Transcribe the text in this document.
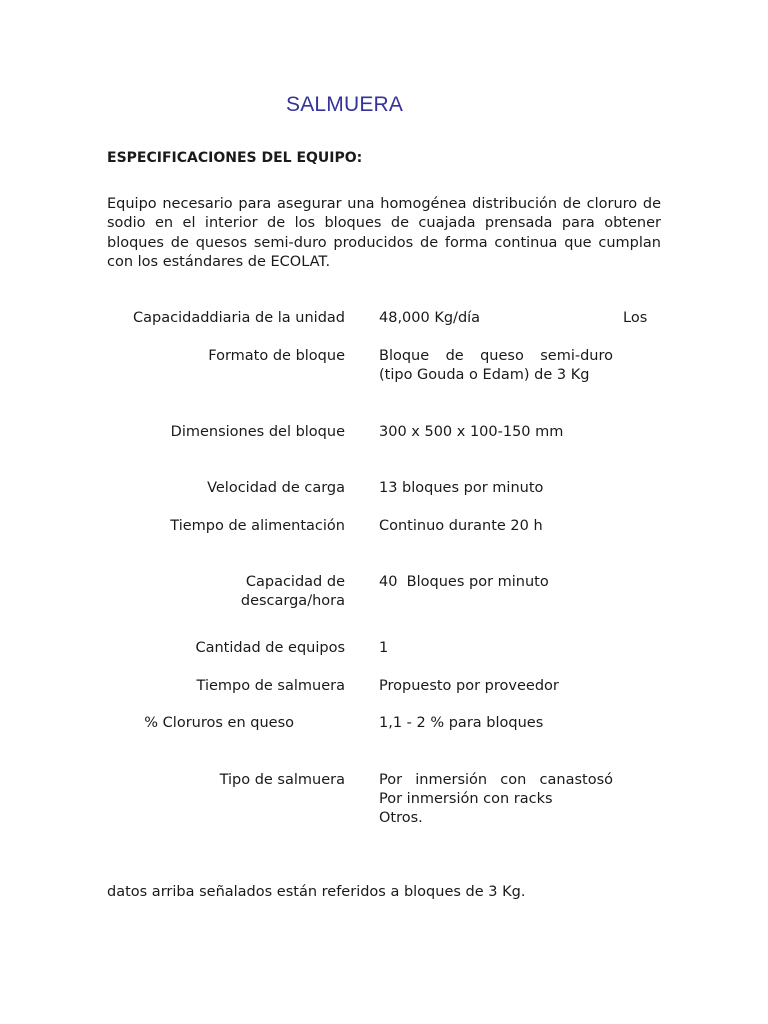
SALMUERA
ESPECIFICACIONES DEL EQUIPO:
Equipo necesario para asegurar una homogénea distribución de cloruro de sodio en el interior de los bloques de cuajada prensada para obtener bloques de quesos semi-duro producidos de forma continua que cumplan con los estándares de ECOLAT.
Capacidaddiaria de la unidad 48,000 Kg/día	Los
Formato de bloque Bloque de queso semi-duro
(tipo Gouda o Edam) de 3 Kg
Dimensiones del bloque 300 x 500 x 100-150 mm
Velocidad de carga 13 bloques por minuto
Tiempo de alimentación Continuo durante 20 h
Capacidad de
descarga/hora
40  Bloques por minuto
Cantidad de equipos 1
Tiempo de salmuera Propuesto por proveedor
% Cloruros en queso	1,1 - 2 % para bloques
Tipo de salmuera Por inmersión con canastosó
Por inmersión con racks
Otros.
datos arriba señalados están referidos a bloques de 3 Kg.
